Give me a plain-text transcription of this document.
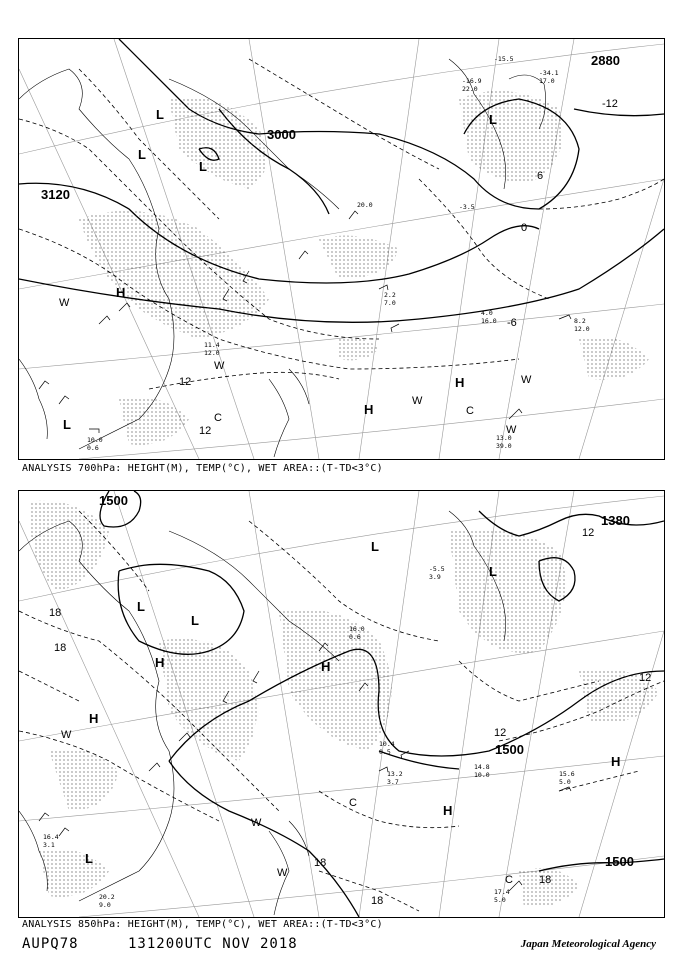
3120
3000
2880
0
-6
12
-12
6
12
H
H
H
L
L
L
L
L
W
W
W
W
W
C
C
13.0
39.0
8.2
12.0
4.0
16.0
2.2
7.0
10.0
0.6
11.4
12.0
-3.5
20.0
-16.9
22.0
-15.5
-34.1
17.0
ANALYSIS 700hPa: HEIGHT(M), TEMP(°C), WET AREA::(T-TD<3°C)
1500
1380
1500
1500
18
18
12
12
18
18
12
18
H
H	H
H
H
L
L
L
L
L
W
W
W
C
C
14.8
10.0
13.2
3.7
15.6
5.0
17.4
5.0
16.4
3.1
-5.5
3.9
10.4
0.5
16.0
0.6
20.2
9.0
ANALYSIS 850hPa: HEIGHT(M), TEMP(°C), WET AREA::(T-TD<3°C)
AUPQ78	131200UTC NOV 2018	Japan Meteorological Agency
